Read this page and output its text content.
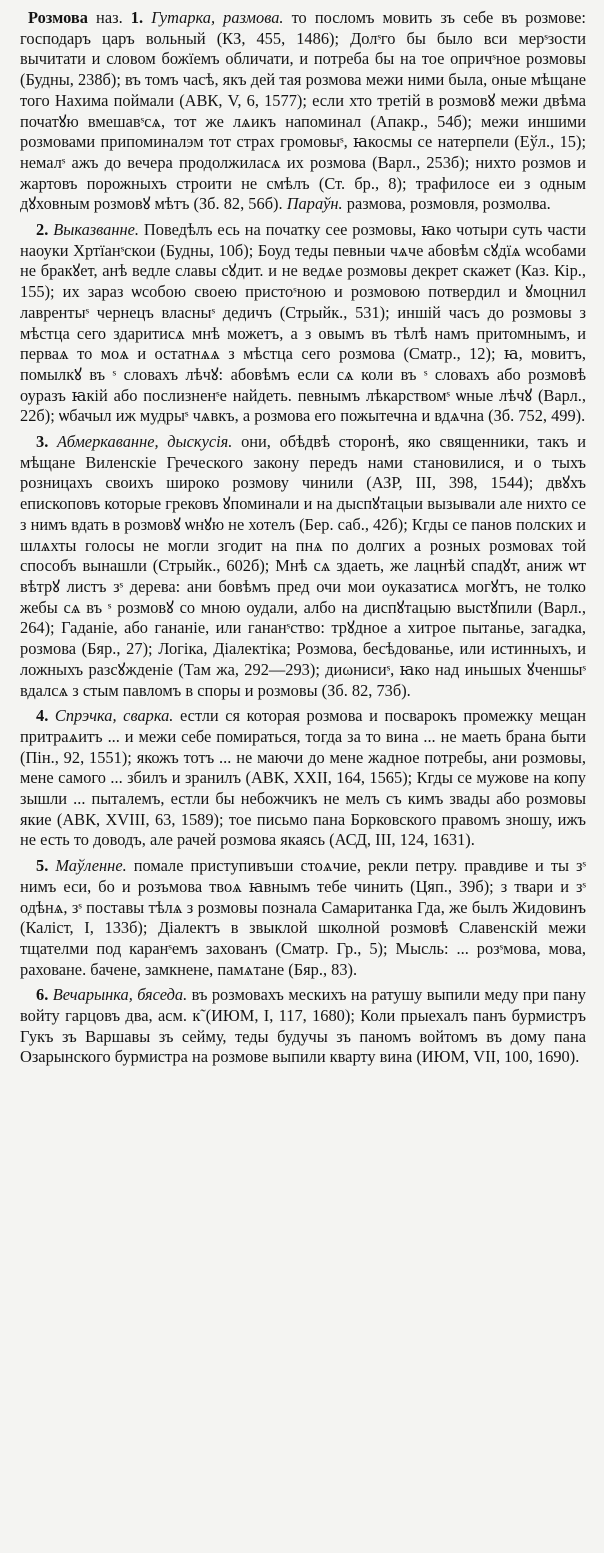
Розмова наз. 1. Гутарка, размова. то посломъ мовить зъ себе въ розмове: господаръ царъ вольный (КЗ, 455, 1486); Долˢго бы было вси мерˢзости вычитати и словом божїемъ обличати, и потреба бы на тое опричˢное розмовы (Будны, 238б); въ томъ часѣ, якъ дей тая розмова межи ними была, оные мѣщане того Нахима поймали (АВК, V, 6, 1577); если хто третій в розмовꙋ межи двѣма початꙋю вмешавˢсѧ, тот же лѧикъ напоминал (Апакр., 54б); межи иншими розмовами припоминалэм тот страх громовыˢ, ꙗкосмы се натерпели (Еўл., 15); немалˢ ажъ до вечера продолжиласѧ их розмова (Варл., 253б); нихто розмов и жартовъ порожныхъ строити не смѣлъ (Ст. бр., 8); трафилосе еи з одным дꙋховным розмовꙋ мѣтъ (Зб. 82, 56б). Параўн. размова, розмовля, розмолва.

2. Выказванне. Поведѣлъ есь на початку сее розмовы, ꙗко чотыри суть части наоуки Хртїанˢскои (Будны, 10б); Боуд теды певныи чѧче абовѣм сꙋдїѧ ѡсобами не бракꙋет, анѣ ведле славы сꙋдит. и не ведѧе розмовы декрет скажет (Каз. Кір., 155); их зараз ѡсобою своею пристоˢною и розмовою потвердил и ꙋмоцнил лаврентыˢ чернецъ власныˢ дедичъ (Стрыйк., 531); иншій часъ до розмовы з мѣстца сего здаритисѧ мнѣ можетъ, а з овымъ въ тѣлѣ намъ притомнымъ, и перваѧ то моѧ и остатнѧѧ з мѣстца сего розмова (Сматр., 12); ꙗ, мовитъ, помылкꙋ въ ˢ словахъ лѣчꙋ: абовѣмъ если сѧ коли въ ˢ словахъ або розмовѣ оуразъ ꙗкій або послизненˢе найдеть. певнымъ лѣкарствомˢ ѡные лѣчꙋ (Варл., 22б); ѡбачыл иж мудрыˢ чѧвкъ, а розмова его пожытечна и вдѧчна (Зб. 752, 499).

3. Абмеркаванне, дыскусія. они, обѣдвѣ сторонѣ, яко священники, такъ и мѣщане Виленскіе Греческого закону передъ нами становилися, и о тыхъ розницахъ своихъ широко розмову чинили (АЗР, III, 398, 1544); двꙋхъ епископовъ которые грековъ ꙋпоминали и на дыспꙋтацыи вызывали але нихто се з нимъ вдать в розмовꙋ ѡнꙋю не хотелъ (Бер. саб., 42б); Кгды се панов полских и шлѧхты голосы не могли згодит на пнѧ по долгих а розных розмовах той способъ вынашли (Стрыйк., 602б); Мнѣ сѧ здаеть, же лацнѣй спадꙋт, аниж ѡт вѣтрꙋ листъ зˢ дерева: ани бовѣмъ пред очи мои оуказатисѧ могꙋтъ, не толко жебы сѧ въ ˢ розмовꙋ со мною оудали, албо на диспꙋтацыю выстꙋпили (Варл., 264); Гаданіе, або гананіе, или гананˢство: трꙋдное а хитрое пытанье, загадка, розмова (Бяр., 27); Логіка, Діалектіка; Розмова, бесѣдованье, или истинныхъ, и ложныхъ разсꙋжденіе (Там жа, 292—293); диωнисиˢ, ꙗко над иньшых ꙋченшыˢ вдалсѧ з стым павломъ в споры и розмовы (Зб. 82, 73б).

4. Спрэчка, сварка. естли ся которая розмова и посварокъ промежку мещан притраѧитъ ... и межи себе помираться, тогда за то вина ... не маеть брана быти (Пін., 92, 1551); якожъ тотъ ... не маючи до мене жадное потребы, ани розмовы, мене самого ... збилъ и зранилъ (АВК, XXII, 164, 1565); Кгды се мужове на копу зышли ... пыталемъ, естли бы небожчикъ не мелъ съ кимъ звады або розмовы якие (АВК, XVIII, 63, 1589); тое письмо пана Борковского правомъ зношу, ижъ не есть то доводъ, але рачей розмова якаясь (АСД, III, 124, 1631).

5. Маўленне. помале приступивъши стоѧчие, рекли петру. правдиве и ты зˢ нимъ еси, бо и розъмова твоѧ ꙗвнымъ тебе чинить (Цяп., 39б); з твари и зˢ одѣнѧ, зˢ поставы тѣлѧ з розмовы познала Самаританка Гда, же былъ Жидовинъ (Каліст, I, 133б); Діалектъ в звыклой школной розмовѣ Славенскій межи тщателми под каранˢемъ захованъ (Сматр. Гр., 5); Мысль: ... розˢмова, мова, раховане. бачене, замкнене, памѧтане (Бяр., 83).

6. Вечарынка, бяседа. въ розмовахъ мескихъ на ратушу выпили меду при пану войту гарцовъ два, асм. к̃ (ИЮМ, I, 117, 1680); Коли прыехалъ панъ бурмистръ Гукъ зъ Варшавы зъ сейму, теды будучы зъ паномъ войтомъ въ дому пана Озарынского бурмистра на розмове выпили кварту вина (ИЮМ, VII, 100, 1690).
